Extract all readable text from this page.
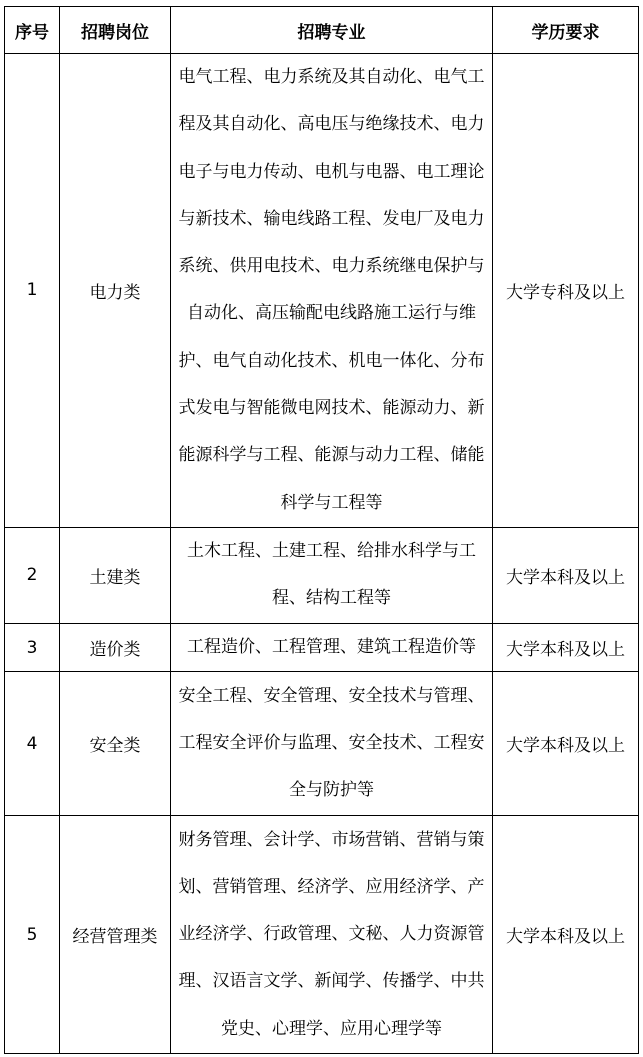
序号	招聘岗位	招聘专业	学历要求
1	电力类	电气工程、电力系统及其自动化、电气工程及其自动化、高电压与绝缘技术、电力电子与电力传动、电机与电器、电工理论与新技术、输电线路工程、发电厂及电力系统、供用电技术、电力系统继电保护与自动化、高压输配电线路施工运行与维护、电气自动化技术、机电一体化、分布式发电与智能微电网技术、能源动力、新能源科学与工程、能源与动力工程、储能科学与工程等	大学专科及以上
2	土建类	土木工程、土建工程、给排水科学与工程、结构工程等	大学本科及以上
3	造价类	工程造价、工程管理、建筑工程造价等	大学本科及以上
4	安全类	安全工程、安全管理、安全技术与管理、工程安全评价与监理、安全技术、工程安全与防护等	大学本科及以上
5	经营管理类	财务管理、会计学、市场营销、营销与策划、营销管理、经济学、应用经济学、产业经济学、行政管理、文秘、人力资源管理、汉语言文学、新闻学、传播学、中共党史、心理学、应用心理学等	大学本科及以上
